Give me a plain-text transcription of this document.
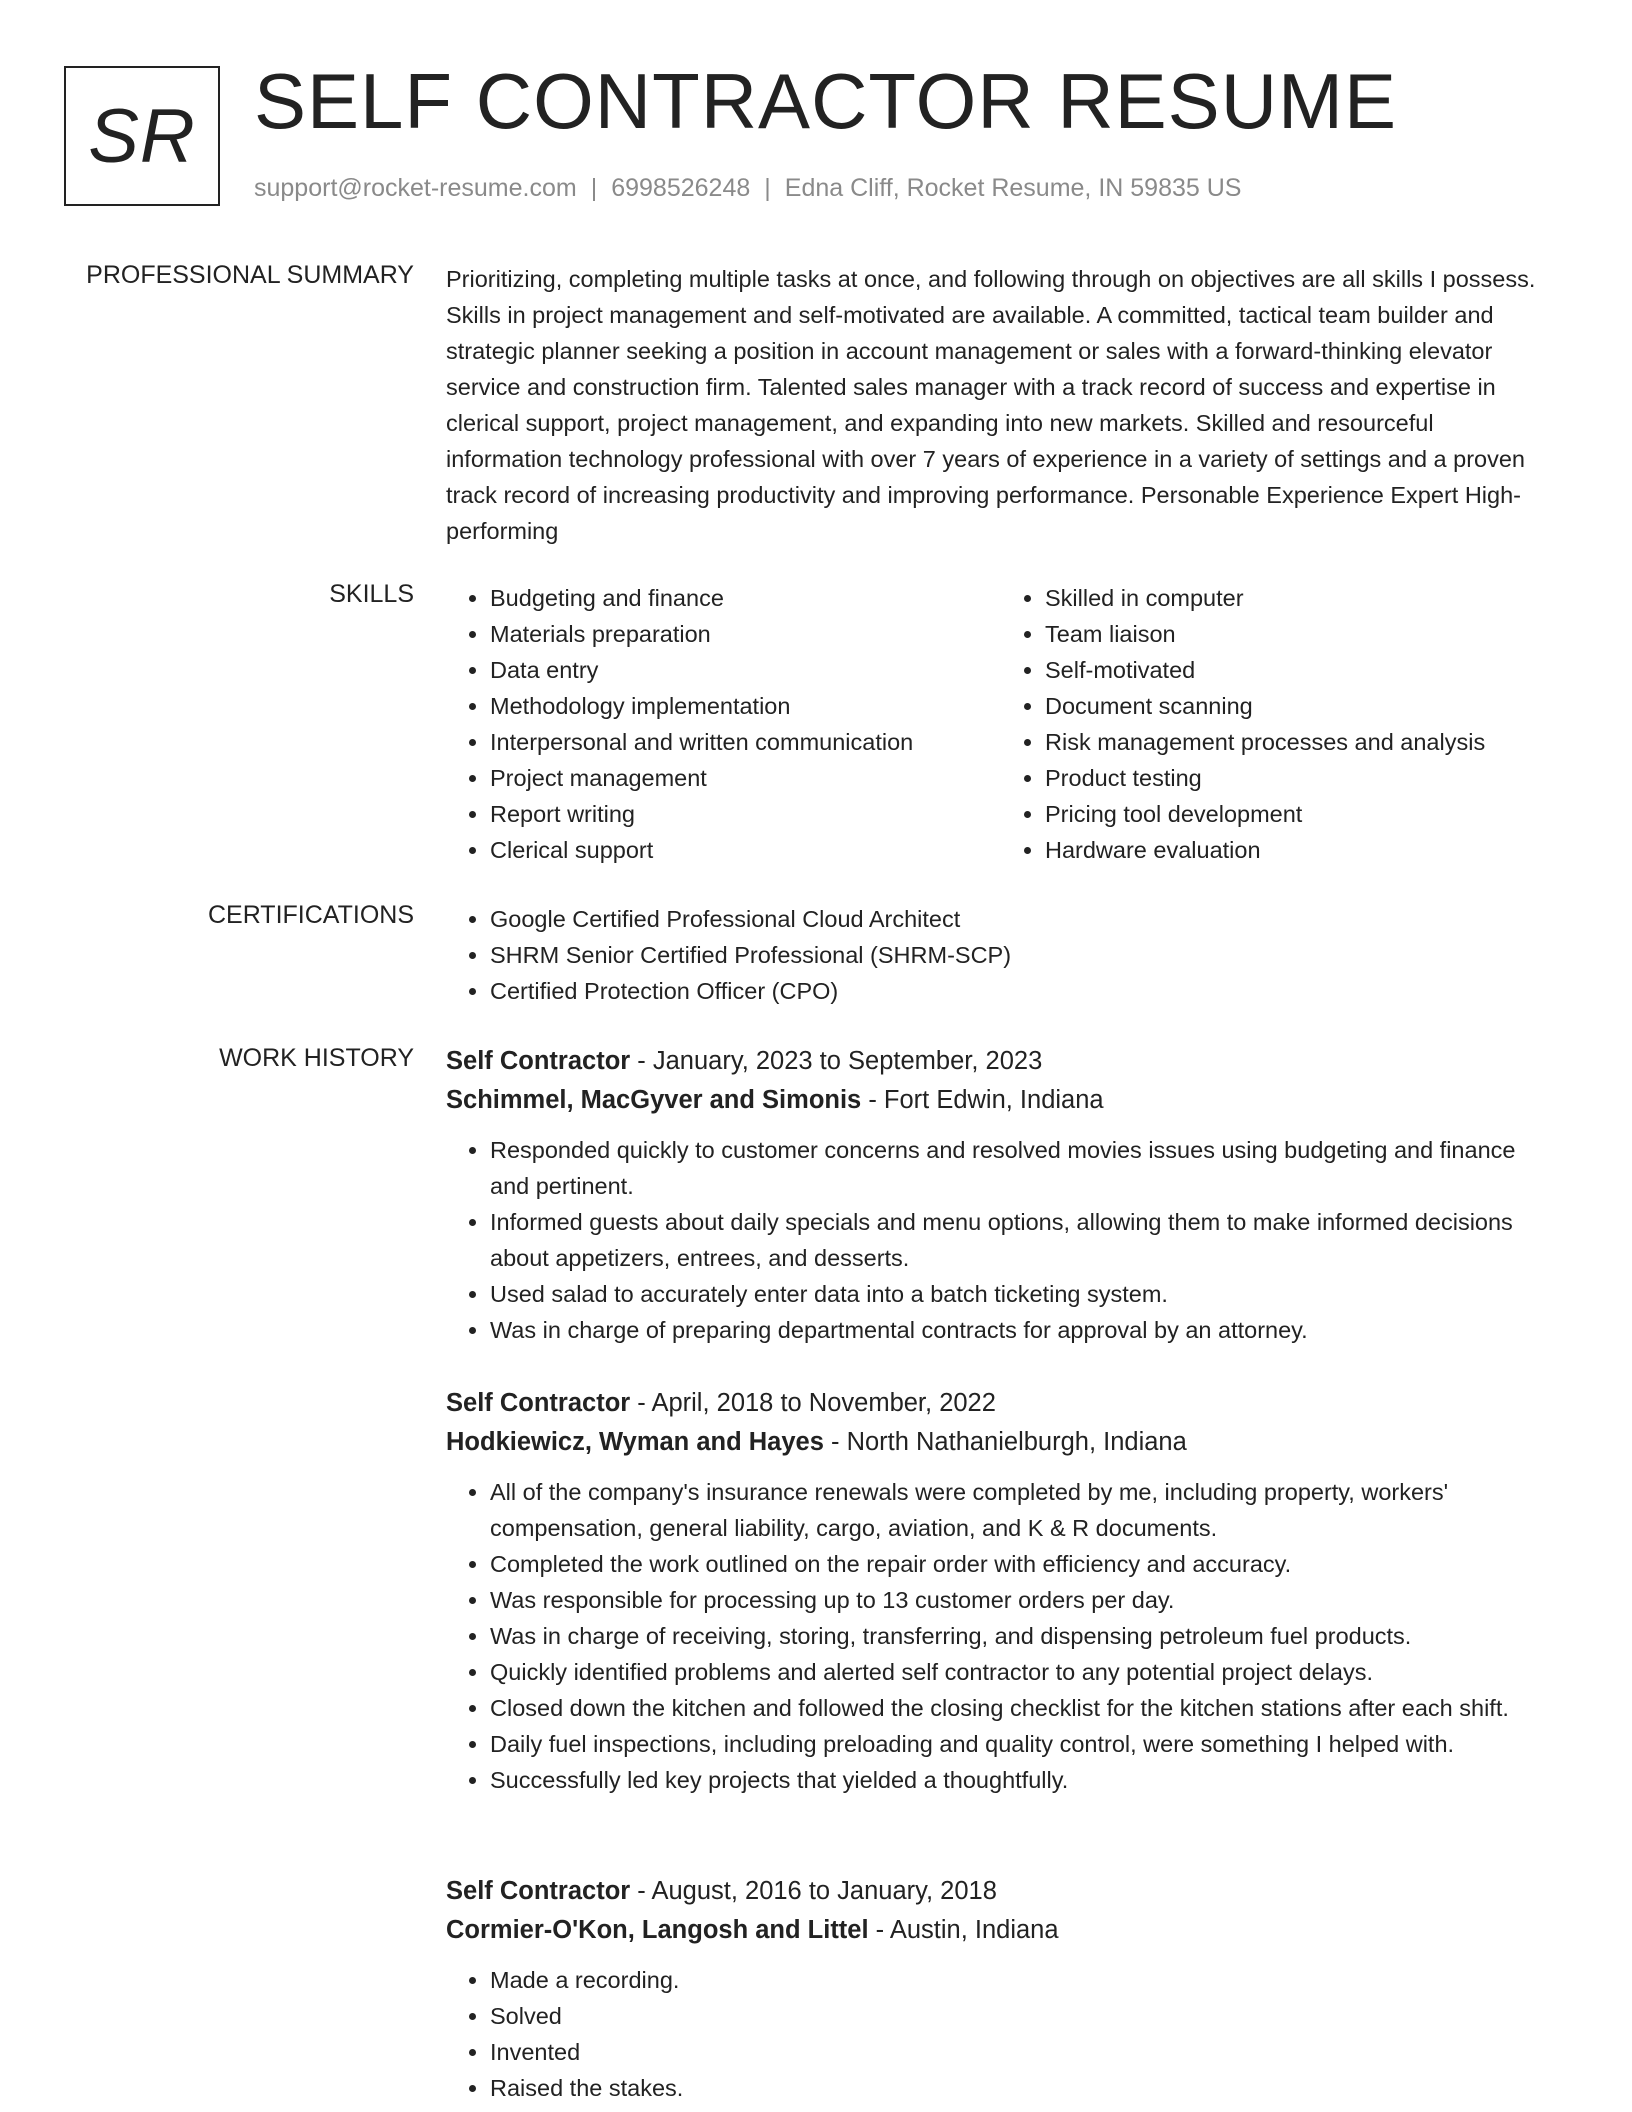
SR SELF CONTRACTOR RESUME
support@rocket-resume.com | 6998526248 | Edna Cliff, Rocket Resume, IN 59835 US
PROFESSIONAL SUMMARY Prioritizing, completing multiple tasks at once, and following through on objectives are all skills I possess. Skills in project management and self-motivated are available. A committed, tactical team builder and strategic planner seeking a position in account management or sales with a forward-thinking elevator service and construction firm. Talented sales manager with a track record of success and expertise in clerical support, project management, and expanding into new markets. Skilled and resourceful information technology professional with over 7 years of experience in a variety of settings and a proven track record of increasing productivity and improving performance. Personable Experience Expert High-performing
SKILLS	• Budgeting and finance
• Materials preparation
• Data entry
• Methodology implementation
• Interpersonal and written communication
• Project management
• Report writing
• Clerical support
• Skilled in computer
• Team liaison
• Self-motivated
• Document scanning
• Risk management processes and analysis
• Product testing
• Pricing tool development
• Hardware evaluation
CERTIFICATIONS	• Google Certified Professional Cloud Architect
• SHRM Senior Certified Professional (SHRM-SCP)
• Certified Protection Officer (CPO)
WORK HISTORY Self Contractor - January, 2023 to September, 2023
Schimmel, MacGyver and Simonis - Fort Edwin, Indiana
• Responded quickly to customer concerns and resolved movies issues using budgeting and finance and pertinent.
• Informed guests about daily specials and menu options, allowing them to make informed decisions about appetizers, entrees, and desserts.
• Used salad to accurately enter data into a batch ticketing system.
• Was in charge of preparing departmental contracts for approval by an attorney.
Self Contractor - April, 2018 to November, 2022
Hodkiewicz, Wyman and Hayes - North Nathanielburgh, Indiana
• All of the company's insurance renewals were completed by me, including property, workers' compensation, general liability, cargo, aviation, and K & R documents.
• Completed the work outlined on the repair order with efficiency and accuracy.
• Was responsible for processing up to 13 customer orders per day.
• Was in charge of receiving, storing, transferring, and dispensing petroleum fuel products.
• Quickly identified problems and alerted self contractor to any potential project delays.
• Closed down the kitchen and followed the closing checklist for the kitchen stations after each shift.
• Daily fuel inspections, including preloading and quality control, were something I helped with.
• Successfully led key projects that yielded a thoughtfully.
Self Contractor - August, 2016 to January, 2018
Cormier-O'Kon, Langosh and Littel - Austin, Indiana
• Made a recording.
• Solved
• Invented
• Raised the stakes.
